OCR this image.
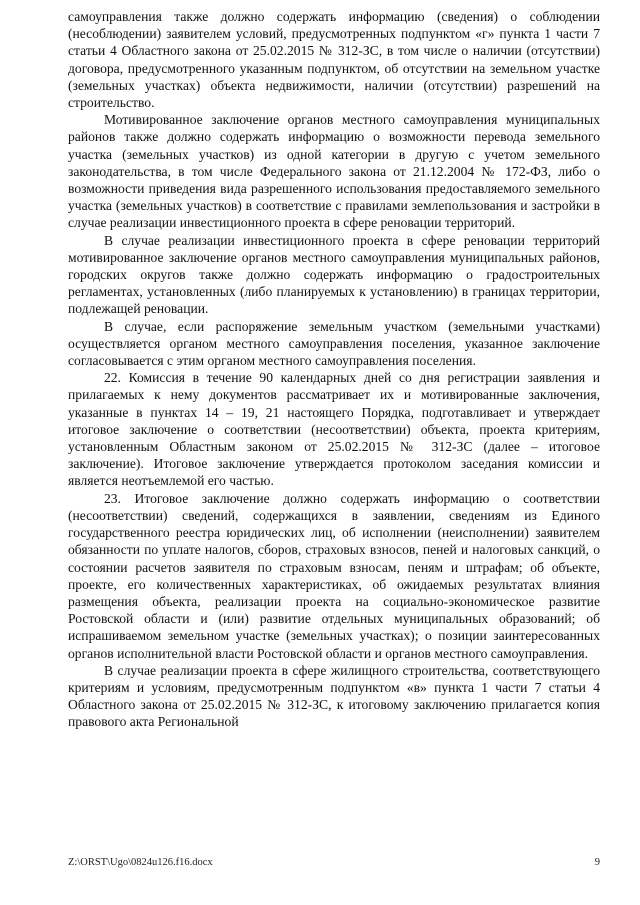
самоуправления также должно содержать информацию (сведения) о соблюдении (несоблюдении) заявителем условий, предусмотренных подпунктом «г» пункта 1 части 7 статьи 4 Областного закона от 25.02.2015 № 312-ЗС, в том числе о наличии (отсутствии) договора, предусмотренного указанным подпунктом, об отсутствии на земельном участке (земельных участках) объекта недвижимости, наличии (отсутствии) разрешений на строительство.

Мотивированное заключение органов местного самоуправления муниципальных районов также должно содержать информацию о возможности перевода земельного участка (земельных участков) из одной категории в другую с учетом земельного законодательства, в том числе Федерального закона от 21.12.2004 № 172-ФЗ, либо о возможности приведения вида разрешенного использования предоставляемого земельного участка (земельных участков) в соответствие с правилами землепользования и застройки в случае реализации инвестиционного проекта в сфере реновации территорий.

В случае реализации инвестиционного проекта в сфере реновации территорий мотивированное заключение органов местного самоуправления муниципальных районов, городских округов также должно содержать информацию о градостроительных регламентах, установленных (либо планируемых к установлению) в границах территории, подлежащей реновации.

В случае, если распоряжение земельным участком (земельными участками) осуществляется органом местного самоуправления поселения, указанное заключение согласовывается с этим органом местного самоуправления поселения.

22. Комиссия в течение 90 календарных дней со дня регистрации заявления и прилагаемых к нему документов рассматривает их и мотивированные заключения, указанные в пунктах 14 – 19, 21 настоящего Порядка, подготавливает и утверждает итоговое заключение о соответствии (несоответствии) объекта, проекта критериям, установленным Областным законом от 25.02.2015 № 312-ЗС (далее – итоговое заключение). Итоговое заключение утверждается протоколом заседания комиссии и является неотъемлемой его частью.

23. Итоговое заключение должно содержать информацию о соответствии (несоответствии) сведений, содержащихся в заявлении, сведениям из Единого государственного реестра юридических лиц, об исполнении (неисполнении) заявителем обязанности по уплате налогов, сборов, страховых взносов, пеней и налоговых санкций, о состоянии расчетов заявителя по страховым взносам, пеням и штрафам; об объекте, проекте, его количественных характеристиках, об ожидаемых результатах влияния размещения объекта, реализации проекта на социально-экономическое развитие Ростовской области и (или) развитие отдельных муниципальных образований; об испрашиваемом земельном участке (земельных участках); о позиции заинтересованных органов исполнительной власти Ростовской области и органов местного самоуправления.

В случае реализации проекта в сфере жилищного строительства, соответствующего критериям и условиям, предусмотренным подпунктом «в» пункта 1 части 7 статьи 4 Областного закона от 25.02.2015 № 312-ЗС, к итоговому заключению прилагается копия правового акта Региональной

Z:\ORST\Ugo\0824u126.f16.docx	9
